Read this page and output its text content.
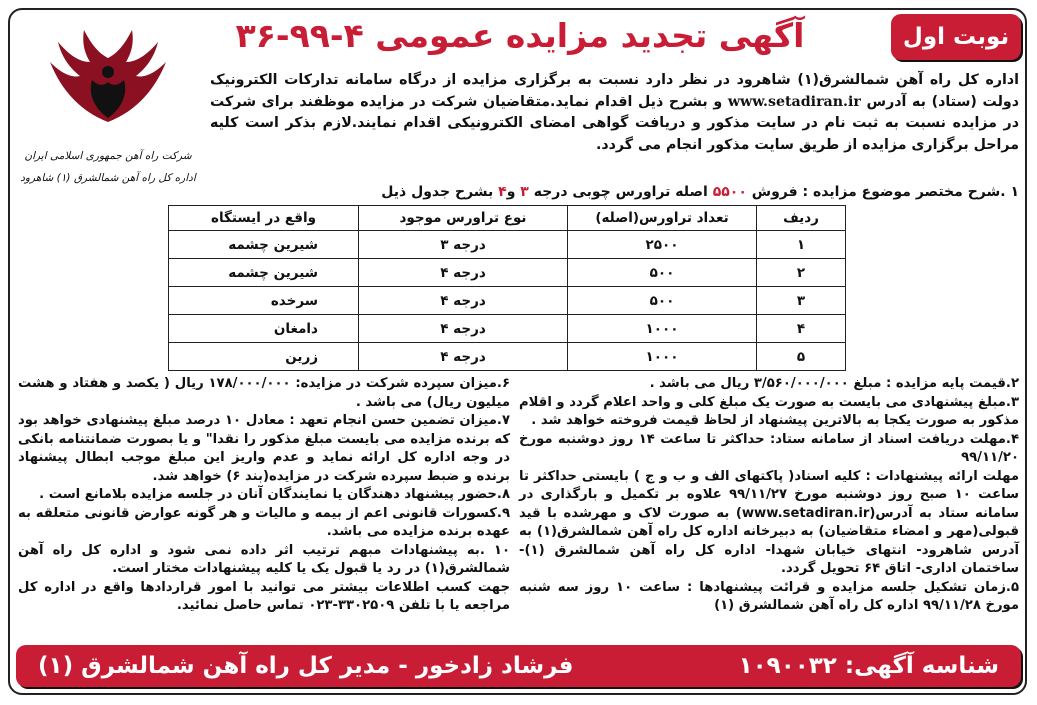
نوبت اول
آگهی تجدید مزایده عمومی ۴-۹۹-۳۶
شرکت راه آهن جمهوری اسلامی ایران
اداره کل راه آهن شمالشرق (۱) شاهرود
اداره کل راه آهن شمالشرق(۱) شاهرود در نظر دارد نسبت به برگزاری مزایده از درگاه سامانه تدارکات الکترونیک دولت (ستاد) به آدرس www.setadiran.ir و بشرح ذیل اقدام نماید.متقاضیان شرکت در مزایده موظفند برای شرکت در مزایده نسبت به ثبت نام در سایت مذکور و دریافت گواهی امضای الکترونیکی اقدام نمایند.لازم بذکر است کلیه مراحل برگزاری مزایده از طریق سایت مذکور انجام می گردد.
۱ .شرح مختصر موضوع مزایده : فروش ۵۵۰۰ اصله تراورس چوبی درجه ۳ و۴ بشرح جدول ذیل
ردیف	تعداد تراورس(اصله)	نوع تراورس موجود	واقع در ایستگاه
۱	۲۵۰۰	درجه ۳	شیرین چشمه
۲	۵۰۰	درجه ۴	شیرین چشمه
۳	۵۰۰	درجه ۴	سرخده
۴	۱۰۰۰	درجه ۴	دامغان
۵	۱۰۰۰	درجه ۴	زرین

۲.قیمت پایه مزایده : مبلغ ۳/۵۶۰/۰۰۰/۰۰۰ ریال می باشد .

۳.مبلغ پیشنهادی می بایست به صورت یک مبلغ کلی و واحد اعلام گردد و اقلام مذکور به صورت یکجا به بالاترین پیشنهاد از لحاظ قیمت فروخته خواهد شد .

۴.مهلت دریافت اسناد از سامانه ستاد: حداکثر تا ساعت ۱۴ روز دوشنبه مورخ ۹۹/۱۱/۲۰

مهلت ارائه پیشنهادات : کلیه اسناد( پاکتهای الف و ب و ج ) بایستی حداکثر تا ساعت ۱۰ صبح روز دوشنبه مورخ ۹۹/۱۱/۲۷ علاوه بر تکمیل و بارگذاری در سامانه ستاد به آدرس(www.setadiran.ir) به صورت لاک و مهرشده با قید قبولی(مهر و امضاء متقاضیان) به دبیرخانه اداره کل راه آهن شمالشرق(۱) به آدرس شاهرود- انتهای خیابان شهدا- اداره کل راه آهن شمالشرق (۱)- ساختمان اداری- اتاق ۶۴ تحویل گردد.

۵.زمان تشکیل جلسه مزایده و قرائت پیشنهادها : ساعت ۱۰ روز سه شنبه مورخ ۹۹/۱۱/۲۸ اداره کل راه آهن شمالشرق (۱)

۶.میزان سپرده شرکت در مزایده: ۱۷۸/۰۰۰/۰۰۰ ریال ( یکصد و هفتاد و هشت میلیون ریال) می باشد .

۷.میزان تضمین حسن انجام تعهد : معادل ۱۰ درصد مبلغ پیشنهادی خواهد بود که برنده مزایده می بایست مبلغ مذکور را نقدا" و یا بصورت ضمانتنامه بانکی در وجه اداره کل ارائه نماید و عدم واریز این مبلغ موجب ابطال پیشنهاد برنده و ضبط سپرده شرکت در مزایده(بند ۶) خواهد شد.

۸.حضور پیشنهاد دهندگان یا نمایندگان آنان در جلسه مزایده بلامانع است .

۹.کسورات قانونی اعم از بیمه و مالیات و هر گونه عوارض قانونی متعلقه به عهده برنده مزایده می باشد.

۱۰ .به پیشنهادات مبهم ترتیب اثر داده نمی شود و اداره کل راه آهن شمالشرق(۱) در رد یا قبول یک یا کلیه پیشنهادات مختار است.

جهت کسب اطلاعات بیشتر می توانید با امور قراردادها واقع در اداره کل مراجعه یا با تلفن ۳۳۰۲۵۰۹-۰۲۳ تماس حاصل نمائید.

شناسه آگهی: ۱۰۹۰۰۳۲
فرشاد زادخور - مدیر کل راه آهن شمالشرق (۱)
